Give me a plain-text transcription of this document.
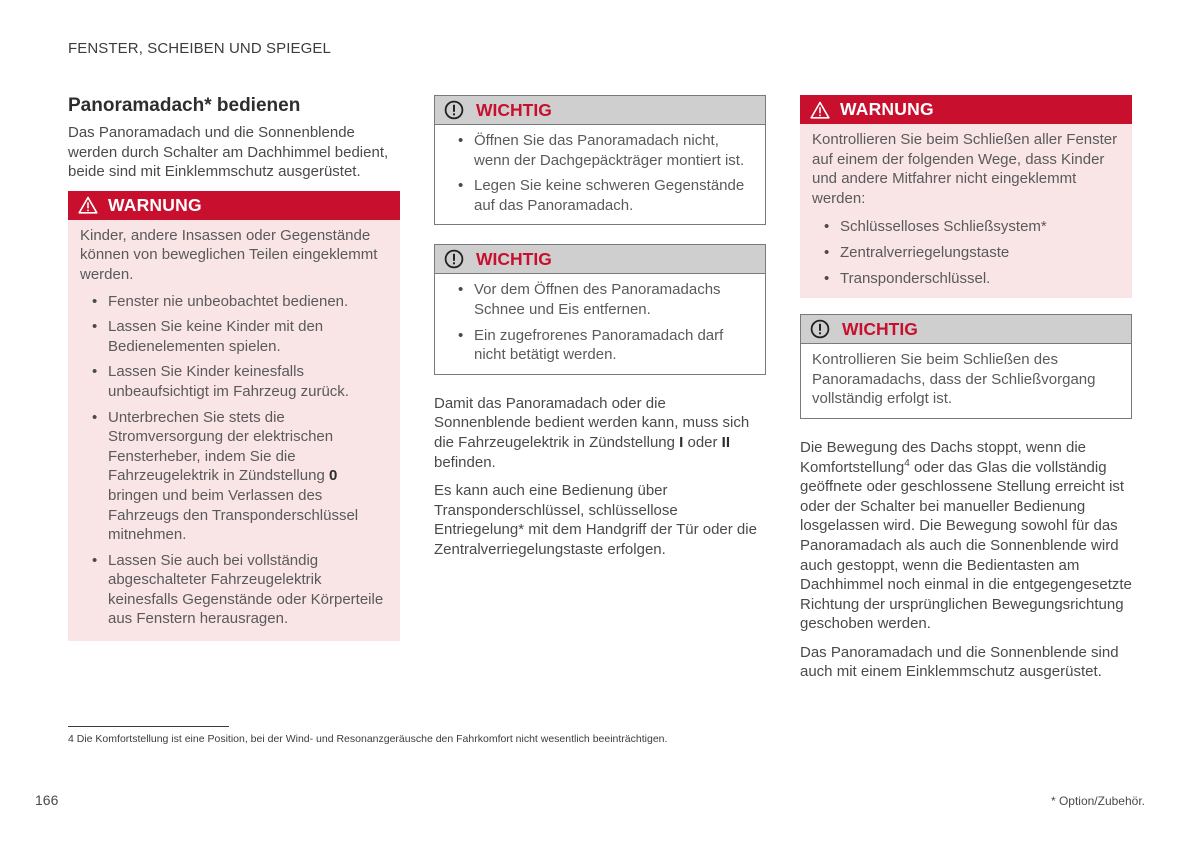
FENSTER, SCHEIBEN UND SPIEGEL
Panoramadach* bedienen

Das Panoramadach und die Sonnenblende werden durch Schalter am Dachhimmel bedient, beide sind mit Einklemmschutz ausgerüstet.

WARNUNG

Kinder, andere Insassen oder Gegenstände können von beweglichen Teilen eingeklemmt werden.

• Fenster nie unbeobachtet bedienen.
• Lassen Sie keine Kinder mit den Bedienelementen spielen.
• Lassen Sie Kinder keinesfalls unbeaufsichtigt im Fahrzeug zurück.
• Unterbrechen Sie stets die Stromversorgung der elektrischen Fensterheber, indem Sie die Fahrzeugelektrik in Zündstellung 0 bringen und beim Verlassen des Fahrzeugs den Transponderschlüssel mitnehmen.
• Lassen Sie auch bei vollständig abgeschalteter Fahrzeugelektrik keinesfalls Gegenstände oder Körperteile aus Fenstern herausragen.
WICHTIG
• Öffnen Sie das Panoramadach nicht, wenn der Dachgepäckträger montiert ist.
• Legen Sie keine schweren Gegenstände auf das Panoramadach.
WICHTIG
• Vor dem Öffnen des Panoramadachs Schnee und Eis entfernen.
• Ein zugefrorenes Panoramadach darf nicht betätigt werden.

Damit das Panoramadach oder die Sonnenblende bedient werden kann, muss sich die Fahrzeugelektrik in Zündstellung I oder II befinden.

Es kann auch eine Bedienung über Transponderschlüssel, schlüssellose Entriegelung* mit dem Handgriff der Tür oder die Zentralverriegelungstaste erfolgen.

WARNUNG

Kontrollieren Sie beim Schließen aller Fenster auf einem der folgenden Wege, dass Kinder und andere Mitfahrer nicht eingeklemmt werden:

• Schlüsselloses Schließsystem*
• Zentralverriegelungstaste
• Transponderschlüssel.
WICHTIG

Kontrollieren Sie beim Schließen des Panoramadachs, dass der Schließvorgang vollständig erfolgt ist.

Die Bewegung des Dachs stoppt, wenn die Komfortstellung$^4$ oder das Glas die vollständig geöffnete oder geschlossene Stellung erreicht ist oder der Schalter bei manueller Bedienung losgelassen wird. Die Bewegung sowohl für das Panoramadach als auch die Sonnenblende wird auch gestoppt, wenn die Bedientasten am Dachhimmel noch einmal in die entgegengesetzte Richtung der ursprünglichen Bewegungsrichtung geschoben werden.

Das Panoramadach und die Sonnenblende sind auch mit einem Einklemmschutz ausgerüstet.

4 Die Komfortstellung ist eine Position, bei der Wind- und Resonanzgeräusche den Fahrkomfort nicht wesentlich beeinträchtigen.
166	* Option/Zubehör.
